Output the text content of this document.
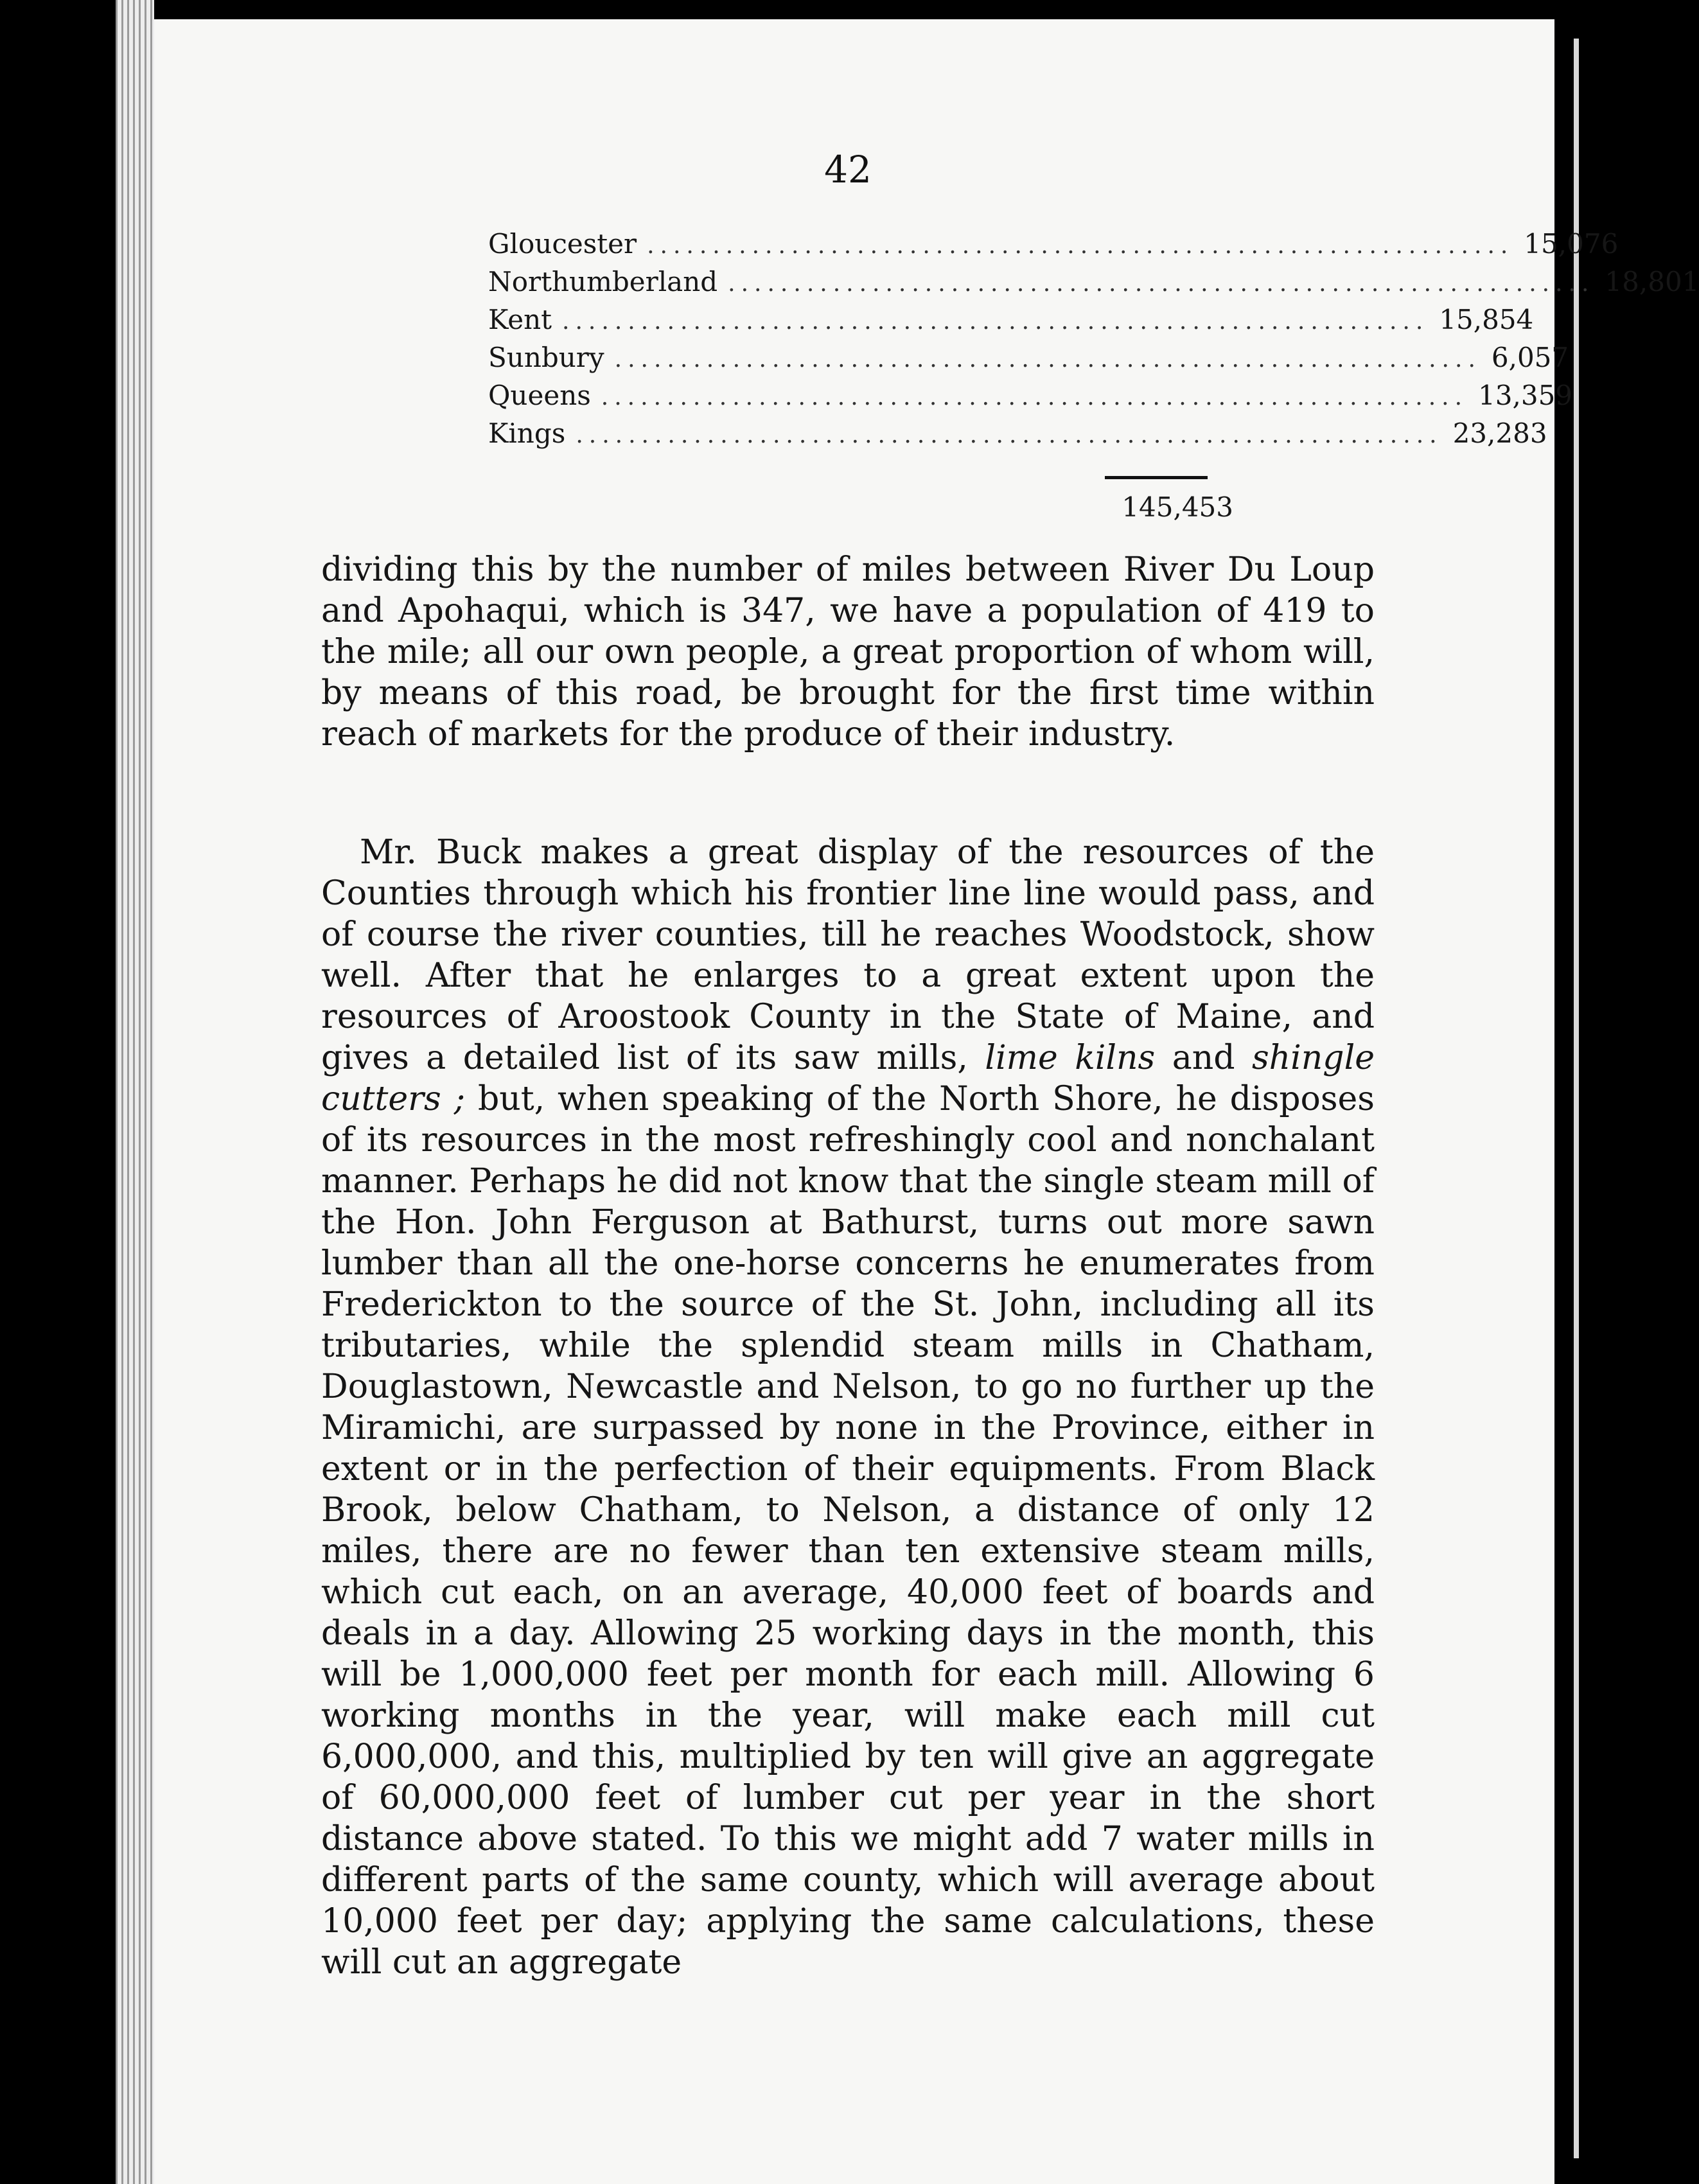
42
Gloucester .................................................................. 15,076
Northumberland .................................................................. 18,801
Kent .................................................................. 15,854
Sunbury .................................................................. 6,057
Queens .................................................................. 13,359
Kings .................................................................. 23,283
145,453

dividing this by the number of miles between River Du Loup and Apohaqui, which is 347, we have a population of 419 to the mile; all our own people, a great proportion of whom will, by means of this road, be brought for the first time within reach of markets for the produce of their industry.

Mr. Buck makes a great display of the resources of the Counties through which his frontier line line would pass, and of course the river counties, till he reaches Woodstock, show well. After that he enlarges to a great extent upon the resources of Aroostook County in the State of Maine, and gives a detailed list of its saw mills, lime kilns and shingle cutters ; but, when speaking of the North Shore, he disposes of its resources in the most refreshingly cool and nonchalant manner. Perhaps he did not know that the single steam mill of the Hon. John Ferguson at Bathurst, turns out more sawn lumber than all the one-horse concerns he enumerates from Frederickton to the source of the St. John, including all its tributaries, while the splendid steam mills in Chatham, Douglastown, Newcastle and Nelson, to go no further up the Miramichi, are surpassed by none in the Province, either in extent or in the perfection of their equipments. From Black Brook, below Chatham, to Nelson, a distance of only 12 miles, there are no fewer than ten extensive steam mills, which cut each, on an average, 40,000 feet of boards and deals in a day. Allowing 25 working days in the month, this will be 1,000,000 feet per month for each mill. Allowing 6 working months in the year, will make each mill cut 6,000,000, and this, multiplied by ten will give an aggregate of 60,000,000 feet of lumber cut per year in the short distance above stated. To this we might add 7 water mills in different parts of the same county, which will average about 10,000 feet per day; applying the same calculations, these will cut an aggregate
